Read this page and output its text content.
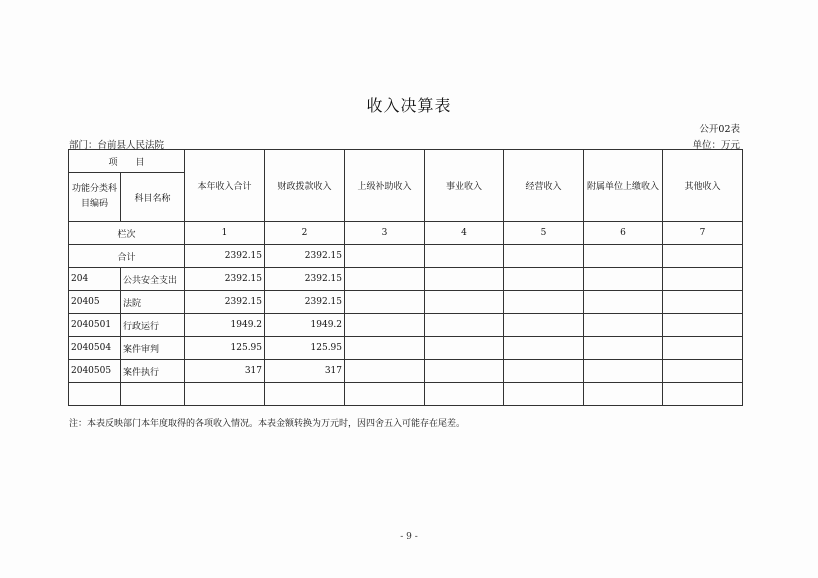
收入决算表
公开02表
部门：台前县人民法院	单位：万元
项　　目		本年收入合计	财政拨款收入	上级补助收入	事业收入	经营收入	附属单位上缴收入	其他收入
功能分类科目编码	科目名称							
栏次		1	2	3	4	5	6	7
合计		2392.15	2392.15					
204	公共安全支出	2392.15	2392.15					
20405	法院	2392.15	2392.15					
2040501	行政运行	1949.2	1949.2					
2040504	案件审判	125.95	125.95					
2040505	案件执行	317	317					

注：本表反映部门本年度取得的各项收入情况。本表金额转换为万元时，因四舍五入可能存在尾差。
- 9 -
